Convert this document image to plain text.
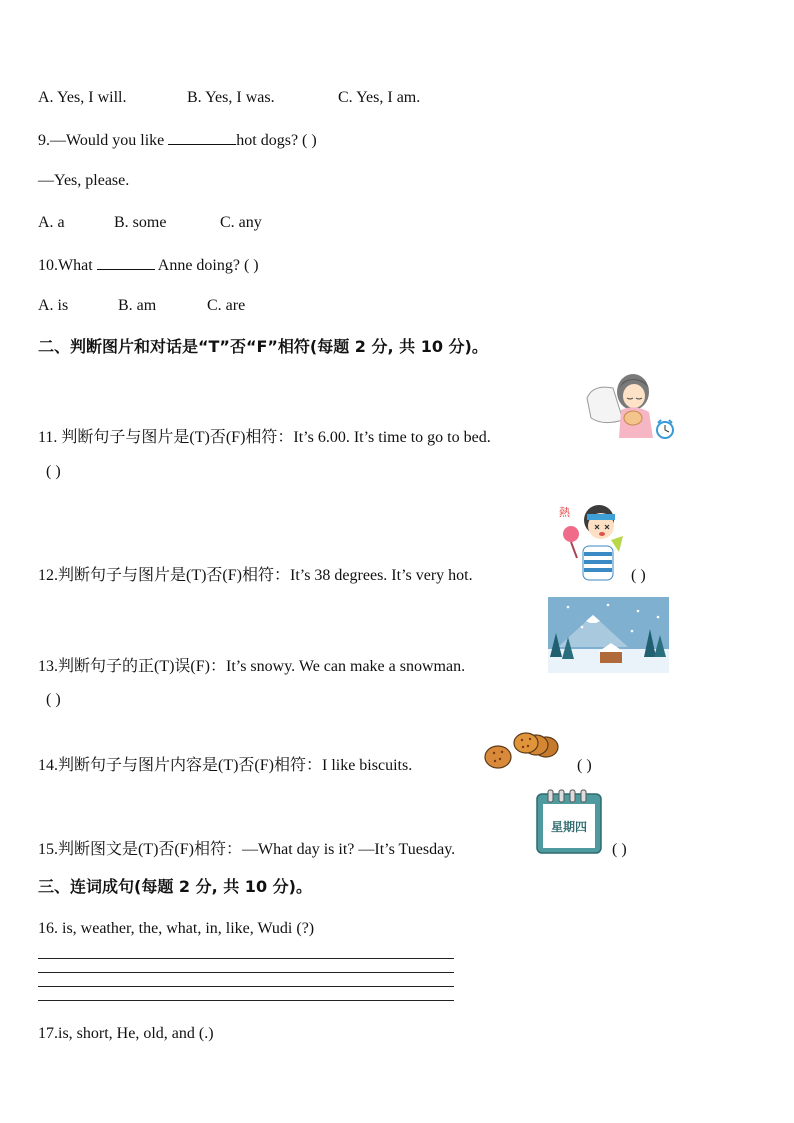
A. Yes, I will.	B. Yes, I was.	C. Yes, I am.
9.—Would you like	hot dogs? ( )
—Yes, please.
A. a	B. some	C. any
10.What	Anne doing? ( )
A. is	B. am	C. are
二、判断图片和对话是“T”否“F”相符(每题 2 分, 共 10 分)。
11. 判断句子与图片是(T)否(F)相符：It’s 6.00. It’s time to go to bed.
( )
熱
12.判断句子与图片是(T)否(F)相符：It’s 38 degrees. It’s very hot.	( )
13.判断句子的正(T)误(F)：It’s snowy. We can make a snowman.
( )
14.判断句子与图片内容是(T)否(F)相符：I like biscuits.	( )
星期四
15.判断图文是(T)否(F)相符：—What day is it? —It’s Tuesday.	( )
三、连词成句(每题 2 分, 共 10 分)。
16. is, weather, the, what, in, like, Wudi (?)
17.is, short, He, old, and (.)
